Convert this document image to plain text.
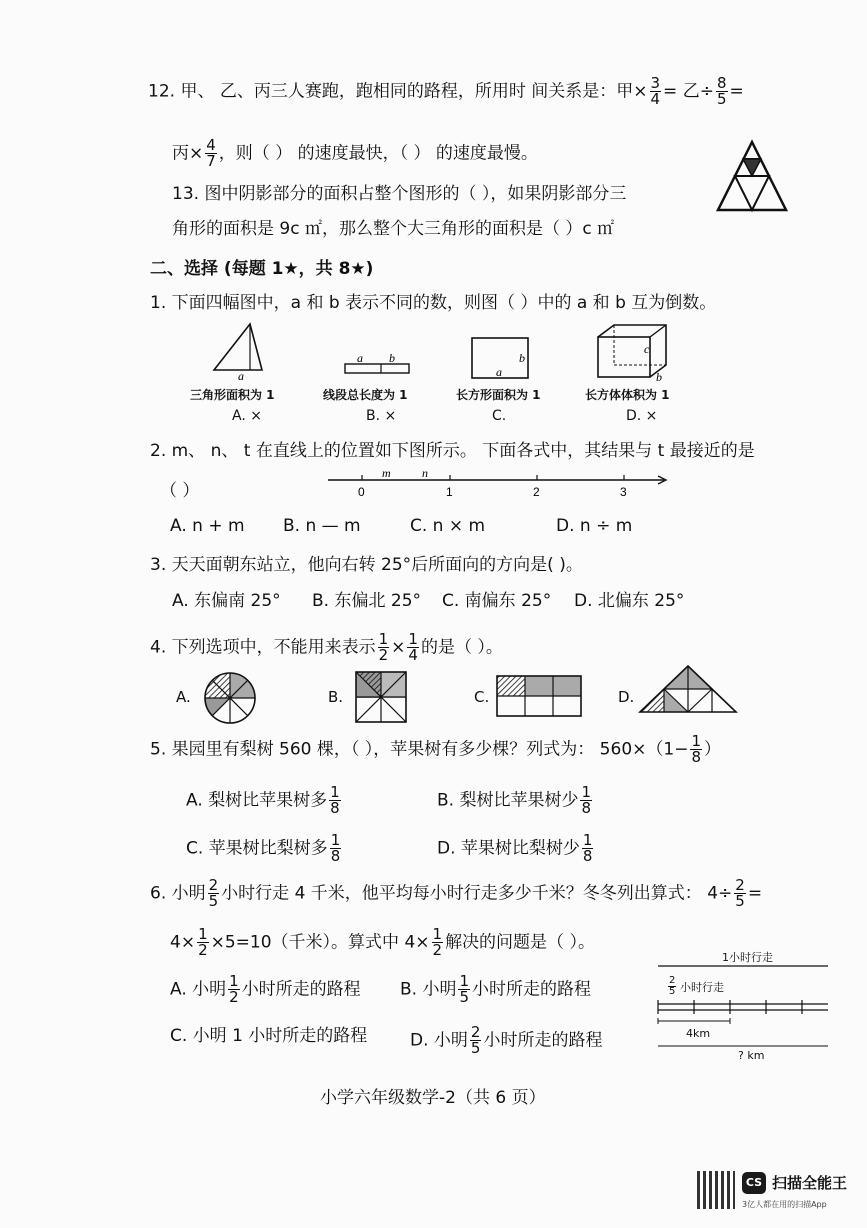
12. 甲、 乙、丙三人赛跑，跑相同的路程，所用时 间关系是：甲× $\frac{3}{4}$ = 乙÷ $\frac{8}{5}$ =
丙× $\frac{4}{7}$ ，则（ ） 的速度最快，（ ） 的速度最慢。
13. 图中阴影部分的面积占整个图形的（ ），如果阴影部分三
角形的面积是 9c ㎡，那么整个大三角形的面积是（ ）c ㎡
二、选择 (每题 1★，共 8★)
1. 下面四幅图中，a 和 b 表示不同的数，则图（ ）中的 a 和 b 互为倒数。
a
a b
a
b
c
b
三角形面积为 1	线段总长度为 1	长方形面积为 1	长方体体积为 1
A. ×	B. ×	C.	D. ×
2. m、 n、 t 在直线上的位置如下图所示。 下面各式中，其结果与 t 最接近的是
（ ）	0	1	2	3
m	n
A. n + m B. n — m	C. n × m	D. n ÷ m
3. 天天面朝东站立，他向右转 25°后所面向的方向是( )。
A. 东偏南 25° B. 东偏北 25° C. 南偏东 25° D. 北偏东 25°
4. 下列选项中，不能用来表示 $\frac{1}{2} \times \frac{1}{4}$ 的是（ ）。
A.	B.	C.	D.
5. 果园里有梨树 560 棵，（ ），苹果树有多少棵？列式为： $560\times(1- \frac{1}{8}$ ）
A. 梨树比苹果树多 $\frac{1}{8}$	B. 梨树比苹果树少 $\frac{1}{8}$
C. 苹果树比梨树多 $\frac{1}{8}$	D. 苹果树比梨树少 $\frac{1}{8}$
6. 小明 $\frac{2}{5}$ 小时行走 4 千米，他平均每小时行走多少千米？冬冬列出算式： $4\div \frac{2}{5}$ =
$4\times \frac{1}{2} \times 5=10$（千米）。算式中 $4\times \frac{1}{2}$ 解决的问题是（ ）。
A. 小明 $\frac{1}{2}$ 小时所走的路程 B. 小明 $\frac{1}{5}$ 小时所走的路程
C. 小明 1 小时所走的路程	D. 小明 $\frac{2}{5}$ 小时所走的路程
1小时行走
$\frac{2}{5}$ 小时行走
4km
? km
小学六年级数学-2（共 6 页）
CS 扫描全能王
3亿人都在用的扫描App
